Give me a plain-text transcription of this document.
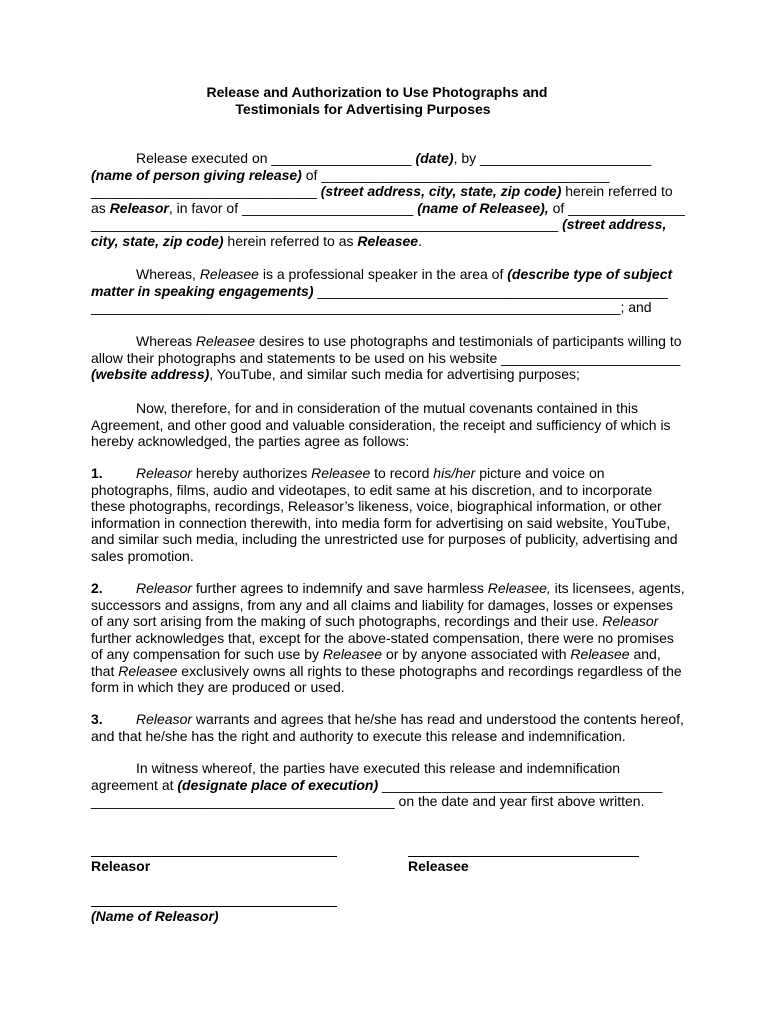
Release and Authorization to Use Photographs and
Testimonials for Advertising Purposes
Release executed on __________________ (date), by ______________________
(name of person giving release) of _____________________________________
_____________________________ (street address, city, state, zip code) herein referred to
as Releasor, in favor of ______________________ (name of Releasee), of _______________
____________________________________________________________ (street address,
city, state, zip code) herein referred to as Releasee.
Whereas, Releasee is a professional speaker in the area of (describe type of subject
matter in speaking engagements) _____________________________________________
____________________________________________________________________; and
Whereas Releasee desires to use photographs and testimonials of participants willing to
allow their photographs and statements to be used on his website _______________________
(website address), YouTube, and similar such media for advertising purposes;
Now, therefore, for and in consideration of the mutual covenants contained in this
Agreement, and other good and valuable consideration, the receipt and sufficiency of which is
hereby acknowledged, the parties agree as follows:
1. Releasor hereby authorizes Releasee to record his/her picture and voice on
photographs, films, audio and videotapes, to edit same at his discretion, and to incorporate
these photographs, recordings, Releasor’s likeness, voice, biographical information, or other
information in connection therewith, into media form for advertising on said website, YouTube,
and similar such media, including the unrestricted use for purposes of publicity, advertising and
sales promotion.
2. Releasor further agrees to indemnify and save harmless Releasee, its licensees, agents,
successors and assigns, from any and all claims and liability for damages, losses or expenses
of any sort arising from the making of such photographs, recordings and their use. Releasor
further acknowledges that, except for the above-stated compensation, there were no promises
of any compensation for such use by Releasee or by anyone associated with Releasee and,
that Releasee exclusively owns all rights to these photographs and recordings regardless of the
form in which they are produced or used.
3. Releasor warrants and agrees that he/she has read and understood the contents hereof,
and that he/she has the right and authority to execute this release and indemnification.
In witness whereof, the parties have executed this release and indemnification
agreement at (designate place of execution) ____________________________________
_______________________________________ on the date and year first above written.
Releasor	Releasee
(Name of Releasor)
